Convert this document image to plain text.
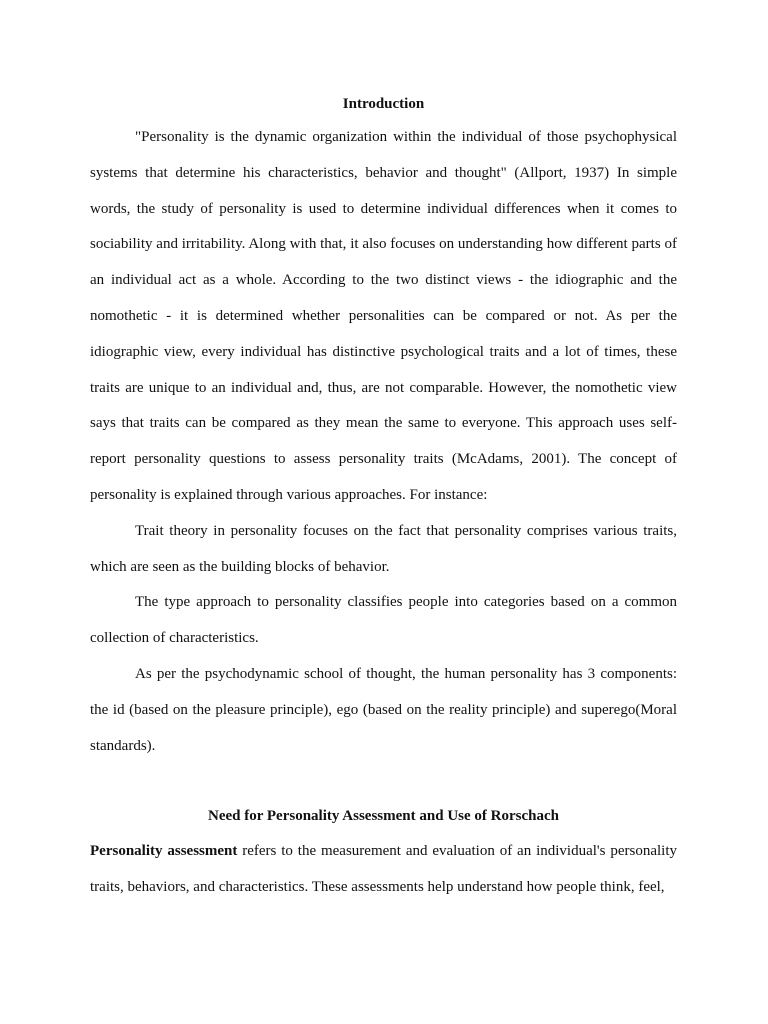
Introduction

"Personality is the dynamic organization within the individual of those psychophysical systems that determine his characteristics, behavior and thought" (Allport, 1937) In simple words, the study of personality is used to determine individual differences when it comes to sociability and irritability. Along with that, it also focuses on understanding how different parts of an individual act as a whole. According to the two distinct views - the idiographic and the nomothetic - it is determined whether personalities can be compared or not. As per the idiographic view, every individual has distinctive psychological traits and a lot of times, these traits are unique to an individual and, thus, are not comparable. However, the nomothetic view says that traits can be compared as they mean the same to everyone. This approach uses self-report personality questions to assess personality traits (McAdams, 2001). The concept of personality is explained through various approaches. For instance:

Trait theory in personality focuses on the fact that personality comprises various traits, which are seen as the building blocks of behavior.

The type approach to personality classifies people into categories based on a common collection of characteristics.

As per the psychodynamic school of thought, the human personality has 3 components: the id (based on the pleasure principle), ego (based on the reality principle) and superego(Moral standards).

Need for Personality Assessment and Use of Rorschach

Personality assessment refers to the measurement and evaluation of an individual's personality traits, behaviors, and characteristics. These assessments help understand how people think, feel,
